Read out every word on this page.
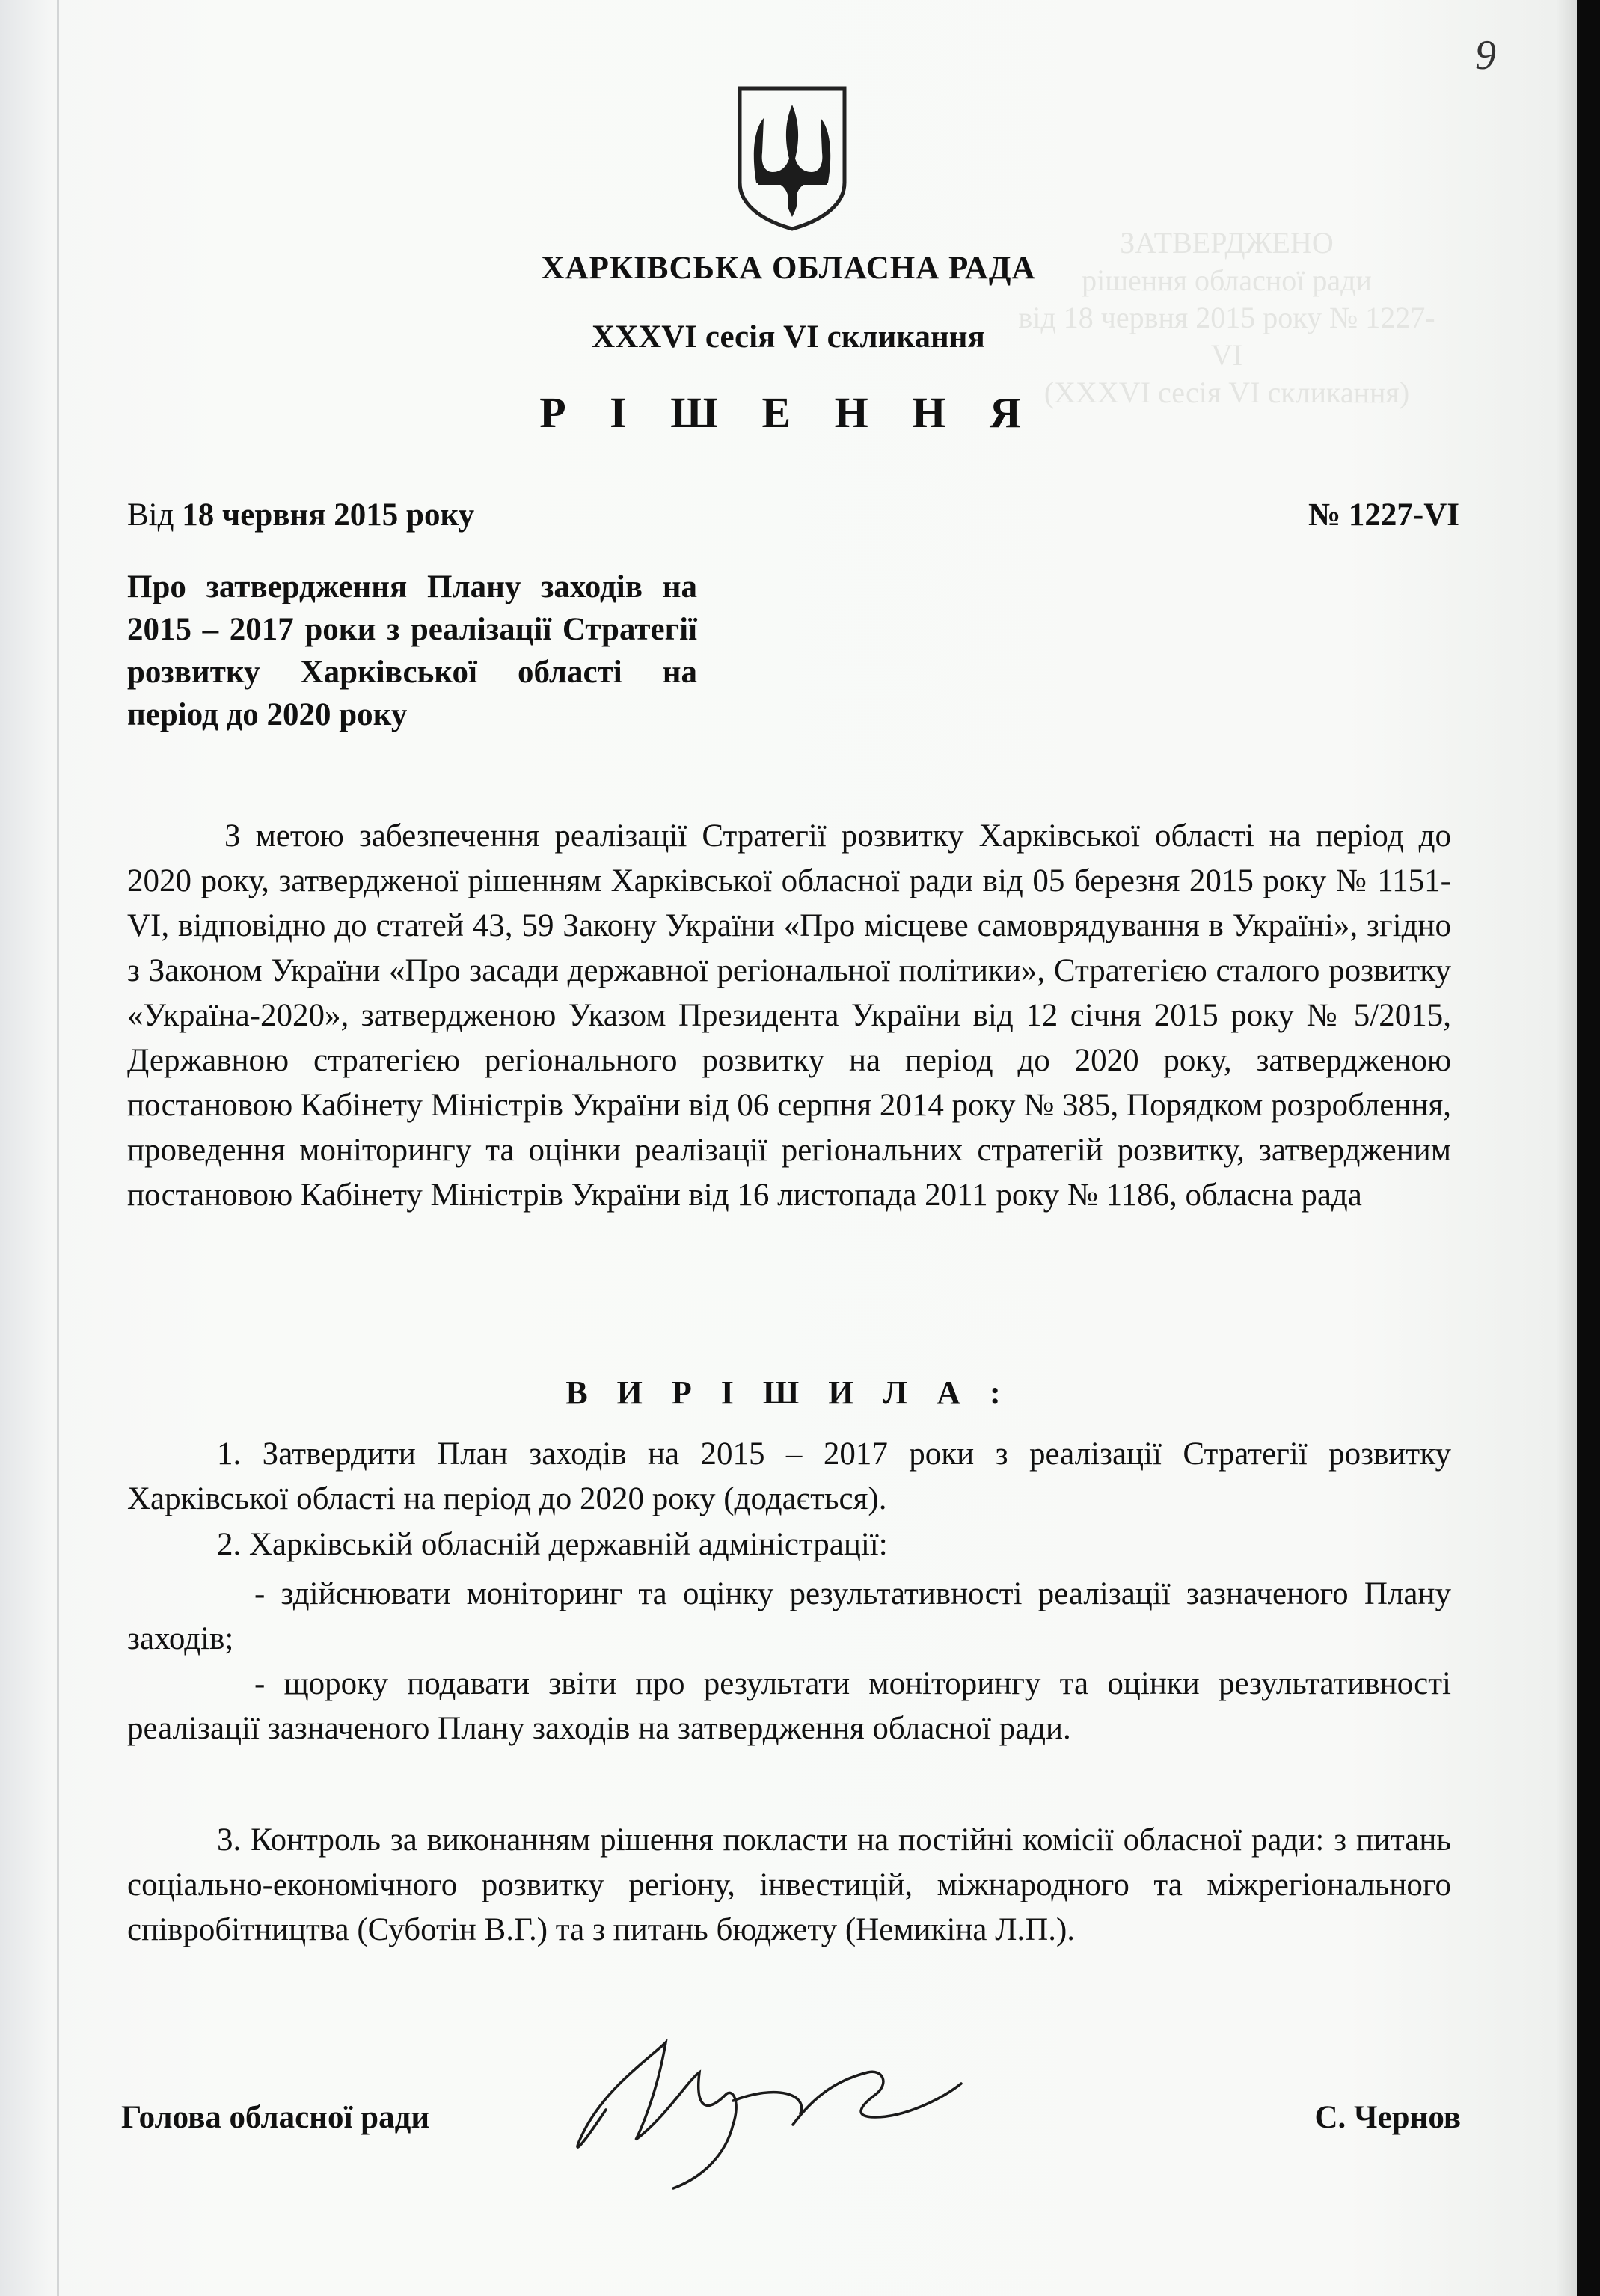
9
ЗАТВЕРДЖЕНО
рішення обласної ради
від 18 червня 2015 року № 1227-VI
(XXXVI сесія VI скликання)
ХАРКІВСЬКА ОБЛАСНА РАДА
XXXVI сесія VI скликання
Р І Ш Е Н Н Я
Від 18 червня 2015 року	№ 1227-VI
Про затвердження Плану заходів на 2015 – 2017 роки з реалізації Стратегії розвитку Харківської області на період до 2020 року
З метою забезпечення реалізації Стратегії розвитку Харківської області на період до 2020 року, затвердженої рішенням Харківської обласної ради від 05 березня 2015 року № 1151-VI, відповідно до статей 43, 59 Закону України «Про місцеве самоврядування в Україні», згідно з Законом України «Про засади державної регіональної політики», Стратегією сталого розвитку «Україна-2020», затвердженою Указом Президента України від 12 січня 2015 року № 5/2015, Державною стратегією регіонального розвитку на період до 2020 року, затвердженою постановою Кабінету Міністрів України від 06 серпня 2014 року № 385, Порядком розроблення, проведення моніторингу та оцінки реалізації регіональних стратегій розвитку, затвердженим постановою Кабінету Міністрів України від 16 листопада 2011 року № 1186, обласна рада
В И Р І Ш И Л А :
1. Затвердити План заходів на 2015 – 2017 роки з реалізації Стратегії розвитку Харківської області на період до 2020 року (додається).
2. Харківській обласній державній адміністрації:
- здійснювати моніторинг та оцінку результативності реалізації зазначеного Плану заходів;
- щороку подавати звіти про результати моніторингу та оцінки результативності реалізації зазначеного Плану заходів на затвердження обласної ради.
3. Контроль за виконанням рішення покласти на постійні комісії обласної ради: з питань соціально-економічного розвитку регіону, інвестицій, міжнародного та міжрегіонального співробітництва (Суботін В.Г.) та з питань бюджету (Немикіна Л.П.).
Голова обласної ради	С. Чернов
